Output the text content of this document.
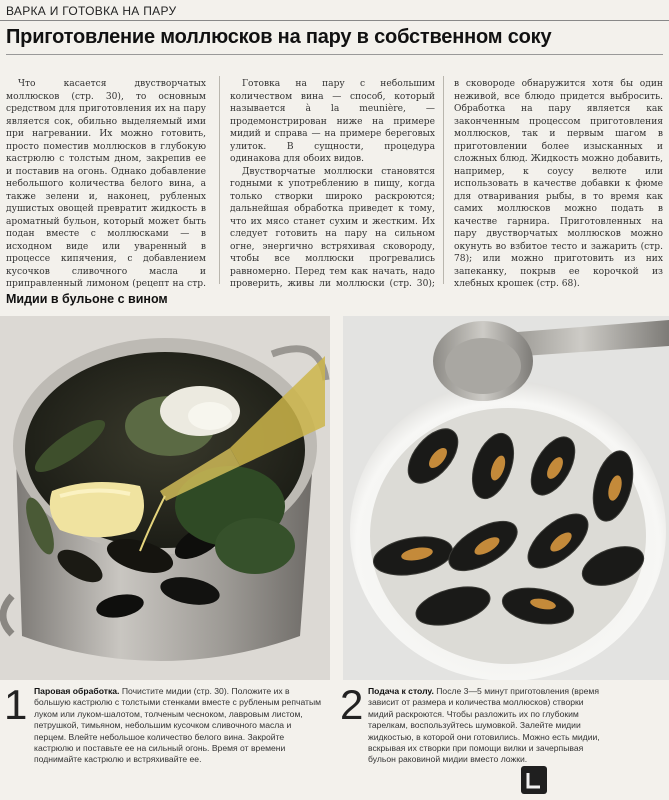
ВАРКА И ГОТОВКА НА ПАРУ
Приготовление моллюсков на пару в собственном соку

Что касается двустворчатых моллюсков (стр. 30), то основным средством для приготовления их на пару является сок, обильно выделяемый ими при нагревании. Их можно готовить, просто поместив моллюсков в глубокую кастрюлю с толстым дном, закрепив ее и поставив на огонь. Однако добавление небольшого количества белого вина, а также зелени и, наконец, рубленых душистых овощей превратит жидкость в ароматный бульон, который может быть подан вместе с моллюсками — в исходном виде или уваренный в процессе кипячения, с добавлением кусочков сливочного масла и приправленный лимоном (рецепт на стр.

Готовка на пару с небольшим количеством вина — способ, который называется à la meunière, — продемонстрирован ниже на примере мидий и справа — на примере береговых улиток. В сущности, процедура одинакова для обоих видов.

Двустворчатые моллюски становятся годными к употреблению в пищу, когда только створки широко раскроются; дальнейшая обработка приведет к тому, что их мясо станет сухим и жестким. Их следует готовить на пару на сильном огне, энергично встряхивая сковороду, чтобы все моллюски прогревались равномерно. Перед тем как начать, надо проверить, живы ли моллюски (стр. 30);

в сковороде обнаружится хотя бы один неживой, все блюдо придется выбросить. Обработка на пару является как законченным процессом приготовления моллюсков, так и первым шагом в приготовлении более изысканных и сложных блюд. Жидкость можно добавить, например, к соусу велюте или использовать в качестве добавки к фюме для отваривания рыбы, в то время как самих моллюсков можно подать в качестве гарнира. Приготовленных на пару двустворчатых моллюсков можно окунуть во взбитое тесто и зажарить (стр. 78); или можно приготовить из них запеканку, покрыв ее корочкой из хлебных крошек (стр. 68).

Мидии в бульоне с вином
1 Паровая обработка. Почистите мидии (стр. 30). Положите их в большую кастрюлю с толстыми стенками вместе с рубленым репчатым луком или луком-шалотом, толченым чесноком, лавровым листом, петрушкой, тимьяном, небольшим кусочком сливочного масла и перцем. Влейте небольшое количество белого вина. Закройте кастрюлю и поставьте ее на сильный огонь. Время от времени поднимайте кастрюлю и встряхивайте ее.
2 Подача к столу. После 3—5 минут приготовления (время зависит от размера и количества моллюсков) створки мидий раскроются. Чтобы разложить их по глубоким тарелкам, воспользуйтесь шумовкой. Залейте мидии жидкостью, в которой они готовились. Можно есть мидии, вскрывая их створки при помощи вилки и зачерпывая бульон раковиной мидии вместо ложки.
